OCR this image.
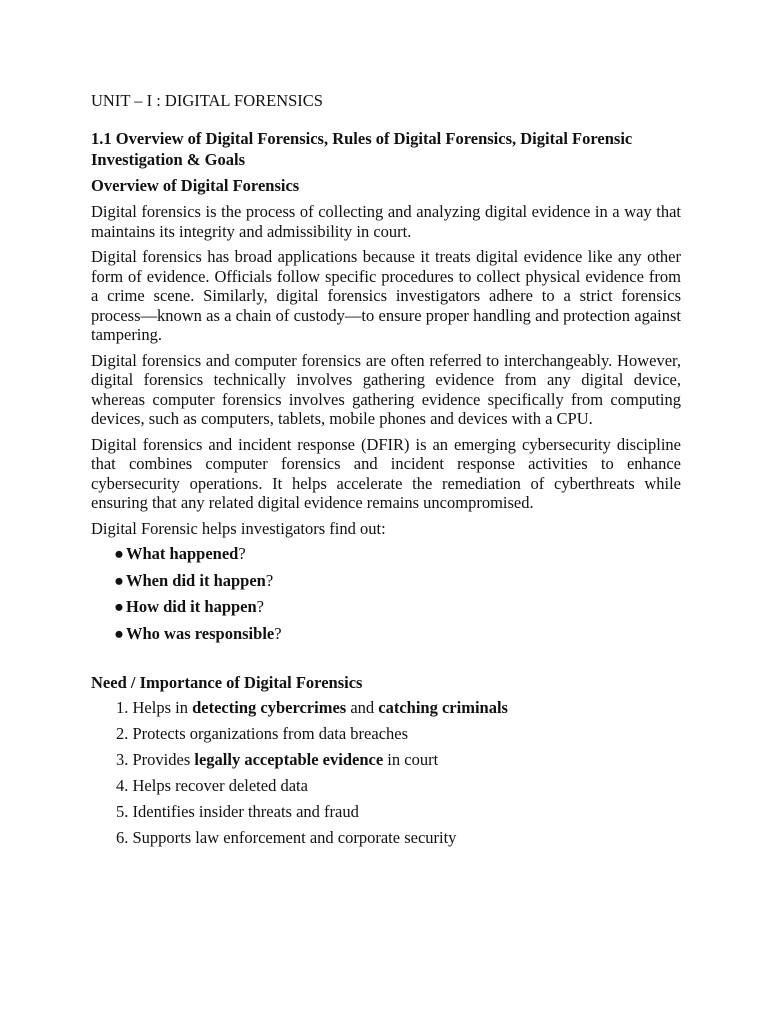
UNIT – I : DIGITAL FORENSICS
1.1 Overview of Digital Forensics, Rules of Digital Forensics, Digital Forensic Investigation & Goals
Overview of Digital Forensics

Digital forensics is the process of collecting and analyzing digital evidence in a way that maintains its integrity and admissibility in court.

Digital forensics has broad applications because it treats digital evidence like any other form of evidence. Officials follow specific procedures to collect physical evidence from a crime scene. Similarly, digital forensics investigators adhere to a strict forensics process—known as a chain of custody—to ensure proper handling and protection against tampering.

Digital forensics and computer forensics are often referred to interchangeably. However, digital forensics technically involves gathering evidence from any digital device, whereas computer forensics involves gathering evidence specifically from computing devices, such as computers, tablets, mobile phones and devices with a CPU.

Digital forensics and incident response (DFIR) is an emerging cybersecurity discipline that combines computer forensics and incident response activities to enhance cybersecurity operations. It helps accelerate the remediation of cyberthreats while ensuring that any related digital evidence remains uncompromised.

Digital Forensic helps investigators find out:

● What happened?
● When did it happen?
● How did it happen?
● Who was responsible?
Need / Importance of Digital Forensics
1. Helps in detecting cybercrimes and catching criminals
2. Protects organizations from data breaches
3. Provides legally acceptable evidence in court
4. Helps recover deleted data
5. Identifies insider threats and fraud
6. Supports law enforcement and corporate security
